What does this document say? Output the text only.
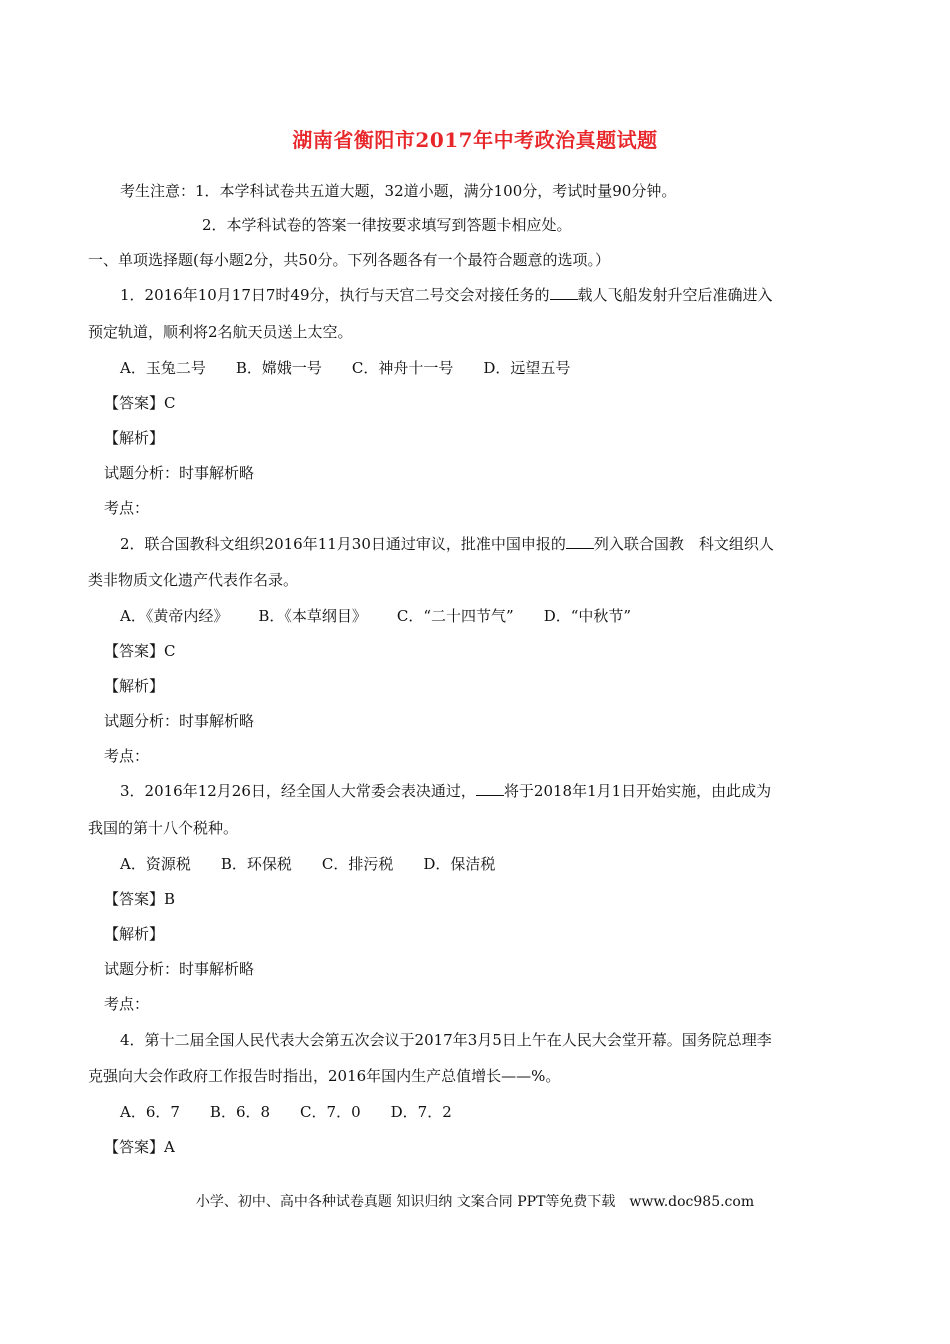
湖南省衡阳市2017年中考政治真题试题
考生注意：1．本学科试卷共五道大题，32道小题，满分100分，考试时量90分钟。
2．本学科试卷的答案一律按要求填写到答题卡相应处。
一、单项选择题(每小题2分，共50分。下列各题各有一个最符合题意的选项。）
1．2016年10月17日7时49分，执行与天宫二号交会对接任务的 载人飞船发射升空后准确进入
预定轨道，顺利将2名航天员送上太空。
A．玉兔二号 B．嫦娥一号 C．神舟十一号 D．远望五号
【答案】C
【解析】
试题分析：时事解析略
考点：
2．联合国教科文组织2016年11月30日通过审议，批准中国申报的 列入联合国教　科文组织人
类非物质文化遗产代表作名录。
A．《黄帝内经》 B．《本草纲目》 C．“二十四节气” D．“中秋节”
【答案】C
【解析】
试题分析：时事解析略
考点：
3．2016年12月26日，经全国人大常委会表决通过， 将于2018年1月1日开始实施，由此成为
我国的第十八个税种。
A．资源税 B．环保税 C．排污税 D．保洁税
【答案】B
【解析】
试题分析：时事解析略
考点：
4．第十二届全国人民代表大会第五次会议于2017年3月5日上午在人民大会堂开幕。国务院总理李
克强向大会作政府工作报告时指出，2016年国内生产总值增长——%。
A．6．7 B．6．8 C．7．0 D．7．2
【答案】A
小学、初中、高中各种试卷真题 知识归纳 文案合同 PPT等免费下载　www.doc985.com
